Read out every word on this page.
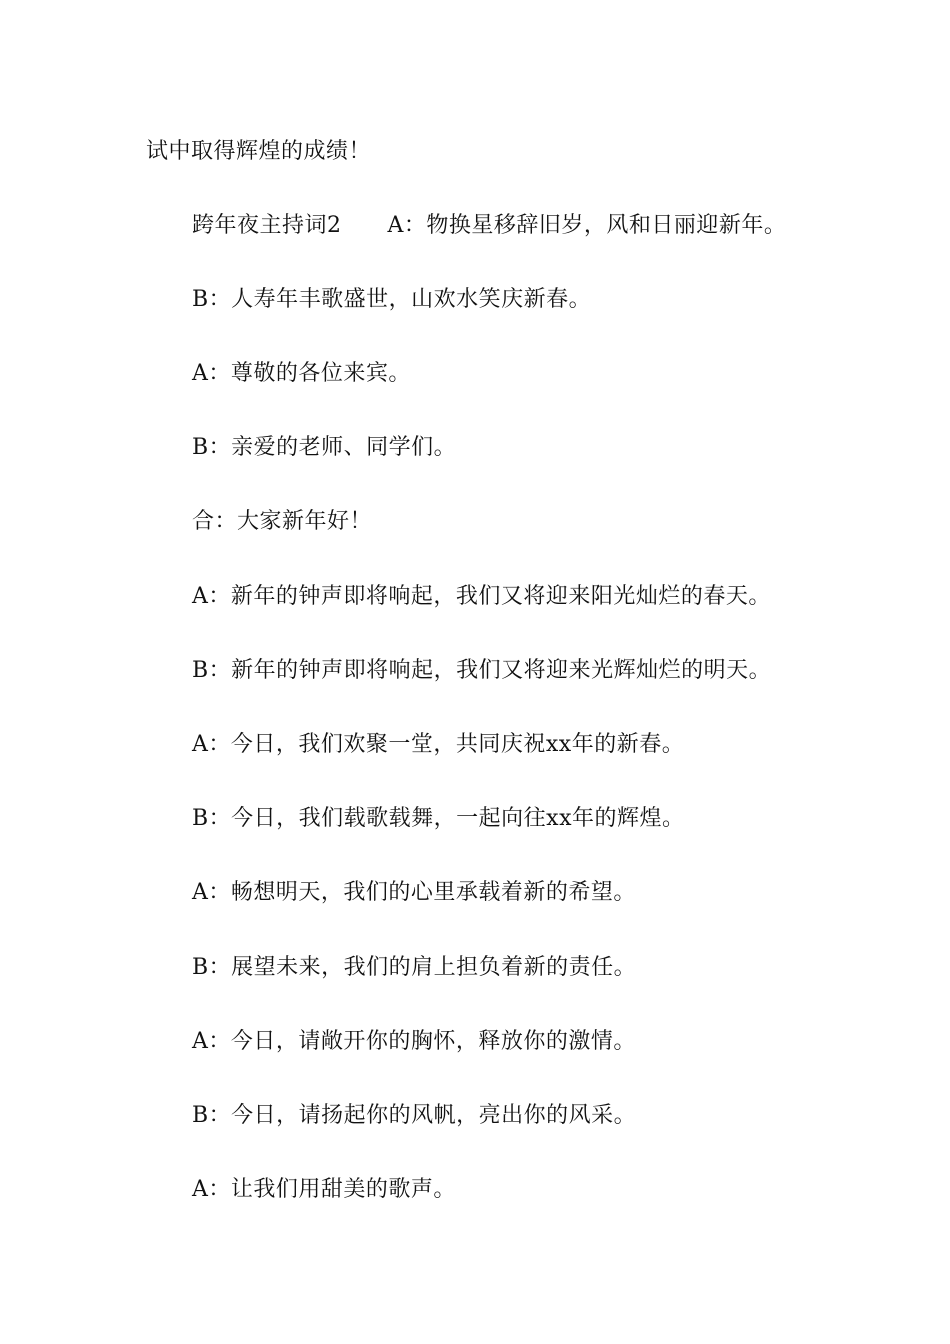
试中取得辉煌的成绩！
跨年夜主持词2 A：物换星移辞旧岁，风和日丽迎新年。
B：人寿年丰歌盛世，山欢水笑庆新春。
A：尊敬的各位来宾。
B：亲爱的老师、同学们。
合：大家新年好！
A：新年的钟声即将响起，我们又将迎来阳光灿烂的春天。
B：新年的钟声即将响起，我们又将迎来光辉灿烂的明天。
A：今日，我们欢聚一堂，共同庆祝xx年的新春。
B：今日，我们载歌载舞，一起向往xx年的辉煌。
A：畅想明天，我们的心里承载着新的希望。
B：展望未来，我们的肩上担负着新的责任。
A：今日，请敞开你的胸怀，释放你的激情。
B：今日，请扬起你的风帆，亮出你的风采。
A：让我们用甜美的歌声。
